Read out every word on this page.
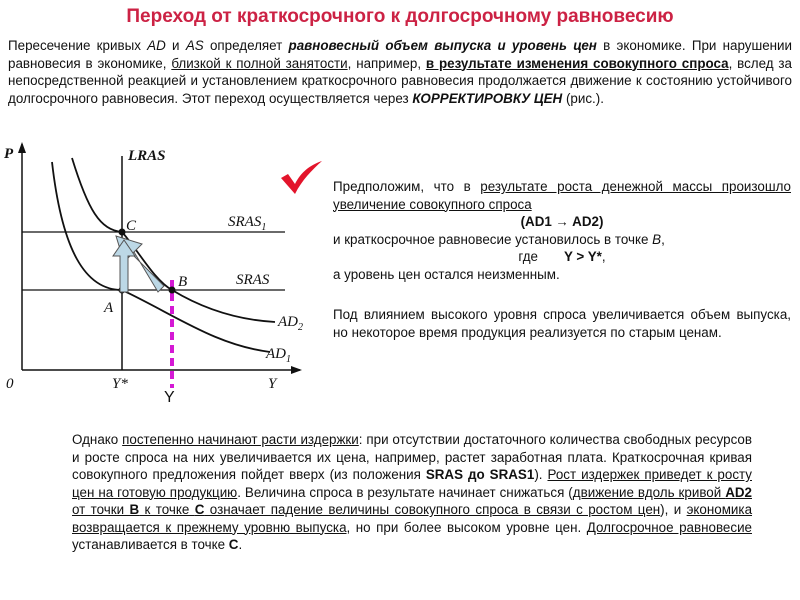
Переход от краткосрочного к долгосрочному равновесию
Пересечение кривых AD и AS определяет равновесный объем выпуска и уровень цен в экономике. При нарушении равновесия в экономике, близкой к полной занятости, например, в результате изменения совокупного спроса, вслед за непосредственной реакцией и установлением краткосрочного равновесия продолжается движение к состоянию устойчивого долгосрочного равновесия. Этот переход осуществляется через КОРРЕКТИРОВКУ ЦЕН (рис.).
P	LRAS
$SRAS_1$
SRAS
$AD_2$
$AD_1$
A
B
C
0	Y*	Y
Y
Предположим, что в результате роста денежной массы произошло увеличение совокупного спроса
(AD1 → AD2)
и краткосрочное равновесие установилось в точке B,
где Y > Y*,
а уровень цен остался неизменным.
Под влиянием высокого уровня спроса увеличивается объем выпуска, но некоторое время продукция реализуется по старым ценам.
Однако постепенно начинают расти издержки: при отсутствии достаточного количества свободных ресурсов и росте спроса на них увеличивается их цена, например, растет заработная плата. Краткосрочная кривая совокупного предложения пойдет вверх (из положения SRAS до SRAS1). Рост издержек приведет к росту цен на готовую продукцию. Величина спроса в результате начинает снижаться (движение вдоль кривой AD2 от точки B к точке C означает падение величины совокупного спроса в связи с ростом цен), и экономика возвращается к прежнему уровню выпуска, но при более высоком уровне цен. Долгосрочное равновесие устанавливается в точке C.
